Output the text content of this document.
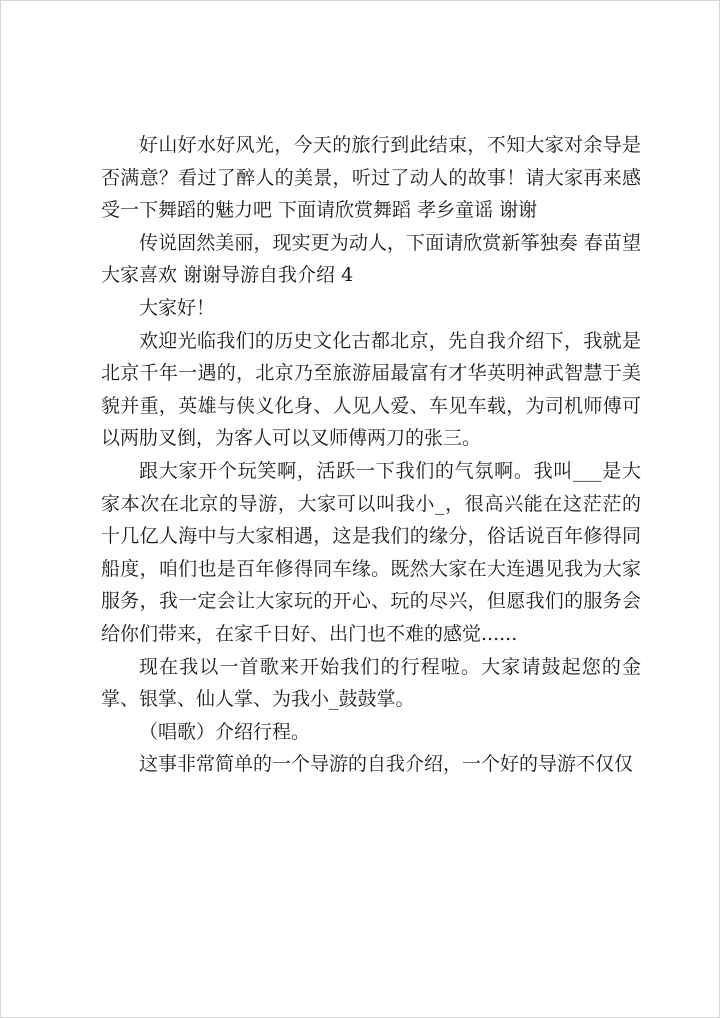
好山好水好风光，今天的旅行到此结束，不知大家对余导是否满意？看过了醉人的美景，听过了动人的故事！请大家再来感受一下舞蹈的魅力吧 下面请欣赏舞蹈 孝乡童谣 谢谢

传说固然美丽，现实更为动人，下面请欣赏新筝独奏 春苗望大家喜欢 谢谢导游自我介绍 4

大家好！

欢迎光临我们的历史文化古都北京，先自我介绍下，我就是北京千年一遇的，北京乃至旅游届最富有才华英明神武智慧于美貌并重，英雄与侠义化身、人见人爱、车见车载，为司机师傅可以两肋叉倒，为客人可以叉师傅两刀的张三。

跟大家开个玩笑啊，活跃一下我们的气氛啊。我叫___是大家本次在北京的导游，大家可以叫我小_，很高兴能在这茫茫的十几亿人海中与大家相遇，这是我们的缘分，俗话说百年修得同船度，咱们也是百年修得同车缘。既然大家在大连遇见我为大家服务，我一定会让大家玩的开心、玩的尽兴，但愿我们的服务会给你们带来，在家千日好、出门也不难的感觉......

现在我以一首歌来开始我们的行程啦。大家请鼓起您的金掌、银掌、仙人掌、为我小_鼓鼓掌。

（唱歌）介绍行程。

这事非常简单的一个导游的自我介绍，一个好的导游不仅仅
